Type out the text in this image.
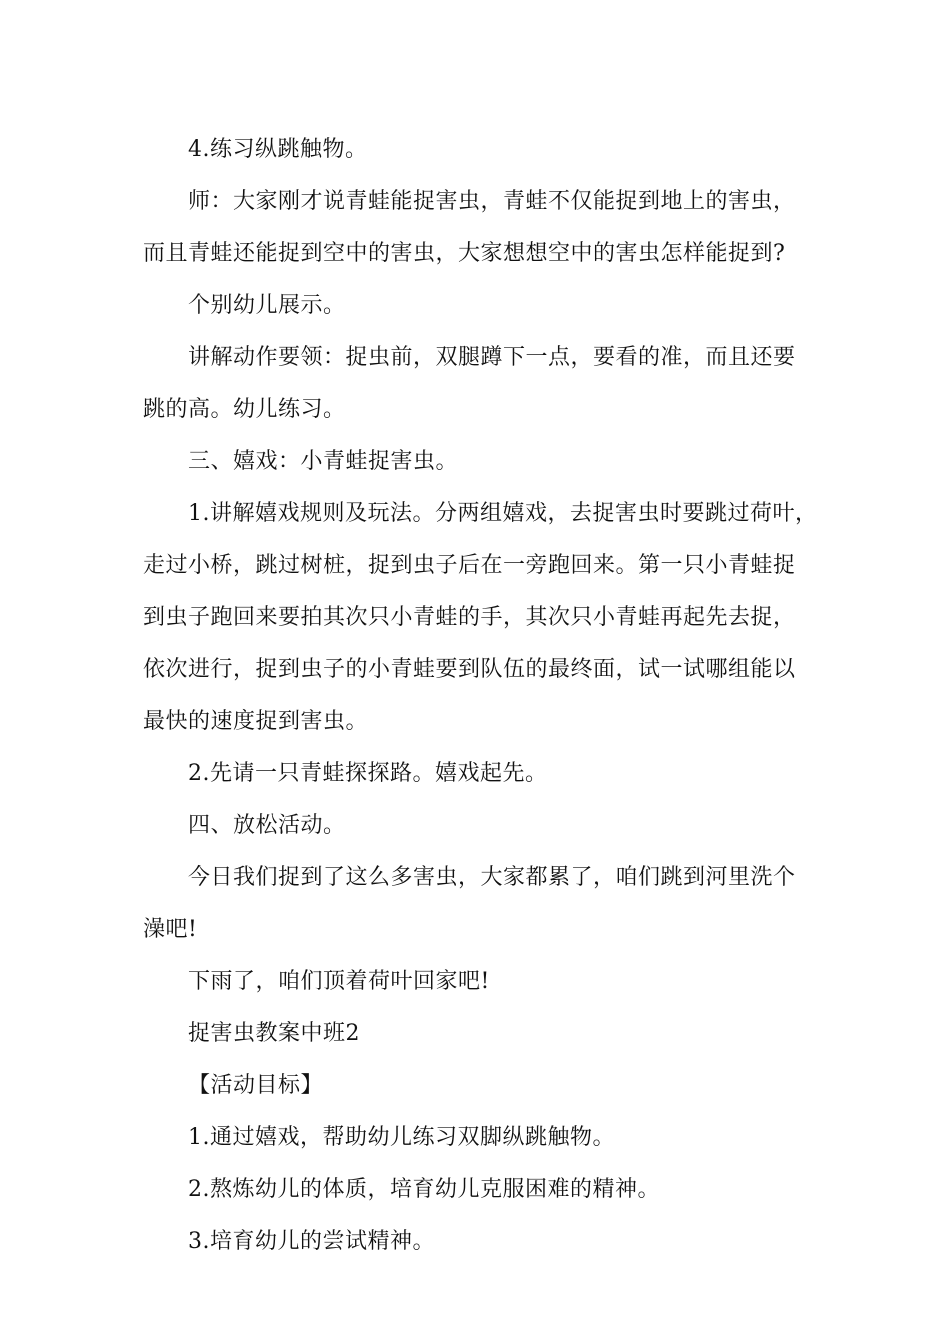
4.练习纵跳触物。

师：大家刚才说青蛙能捉害虫，青蛙不仅能捉到地上的害虫，

而且青蛙还能捉到空中的害虫，大家想想空中的害虫怎样能捉到?

个别幼儿展示。

讲解动作要领：捉虫前，双腿蹲下一点，要看的准，而且还要

跳的高。幼儿练习。

三、嬉戏：小青蛙捉害虫。

1.讲解嬉戏规则及玩法。分两组嬉戏，去捉害虫时要跳过荷叶，

走过小桥，跳过树桩，捉到虫子后在一旁跑回来。第一只小青蛙捉

到虫子跑回来要拍其次只小青蛙的手，其次只小青蛙再起先去捉，

依次进行，捉到虫子的小青蛙要到队伍的最终面，试一试哪组能以

最快的速度捉到害虫。

2.先请一只青蛙探探路。嬉戏起先。

四、放松活动。

今日我们捉到了这么多害虫，大家都累了，咱们跳到河里洗个

澡吧!

下雨了，咱们顶着荷叶回家吧!

捉害虫教案中班2

【活动目标】

1.通过嬉戏，帮助幼儿练习双脚纵跳触物。

2.熬炼幼儿的体质，培育幼儿克服困难的精神。

3.培育幼儿的尝试精神。
